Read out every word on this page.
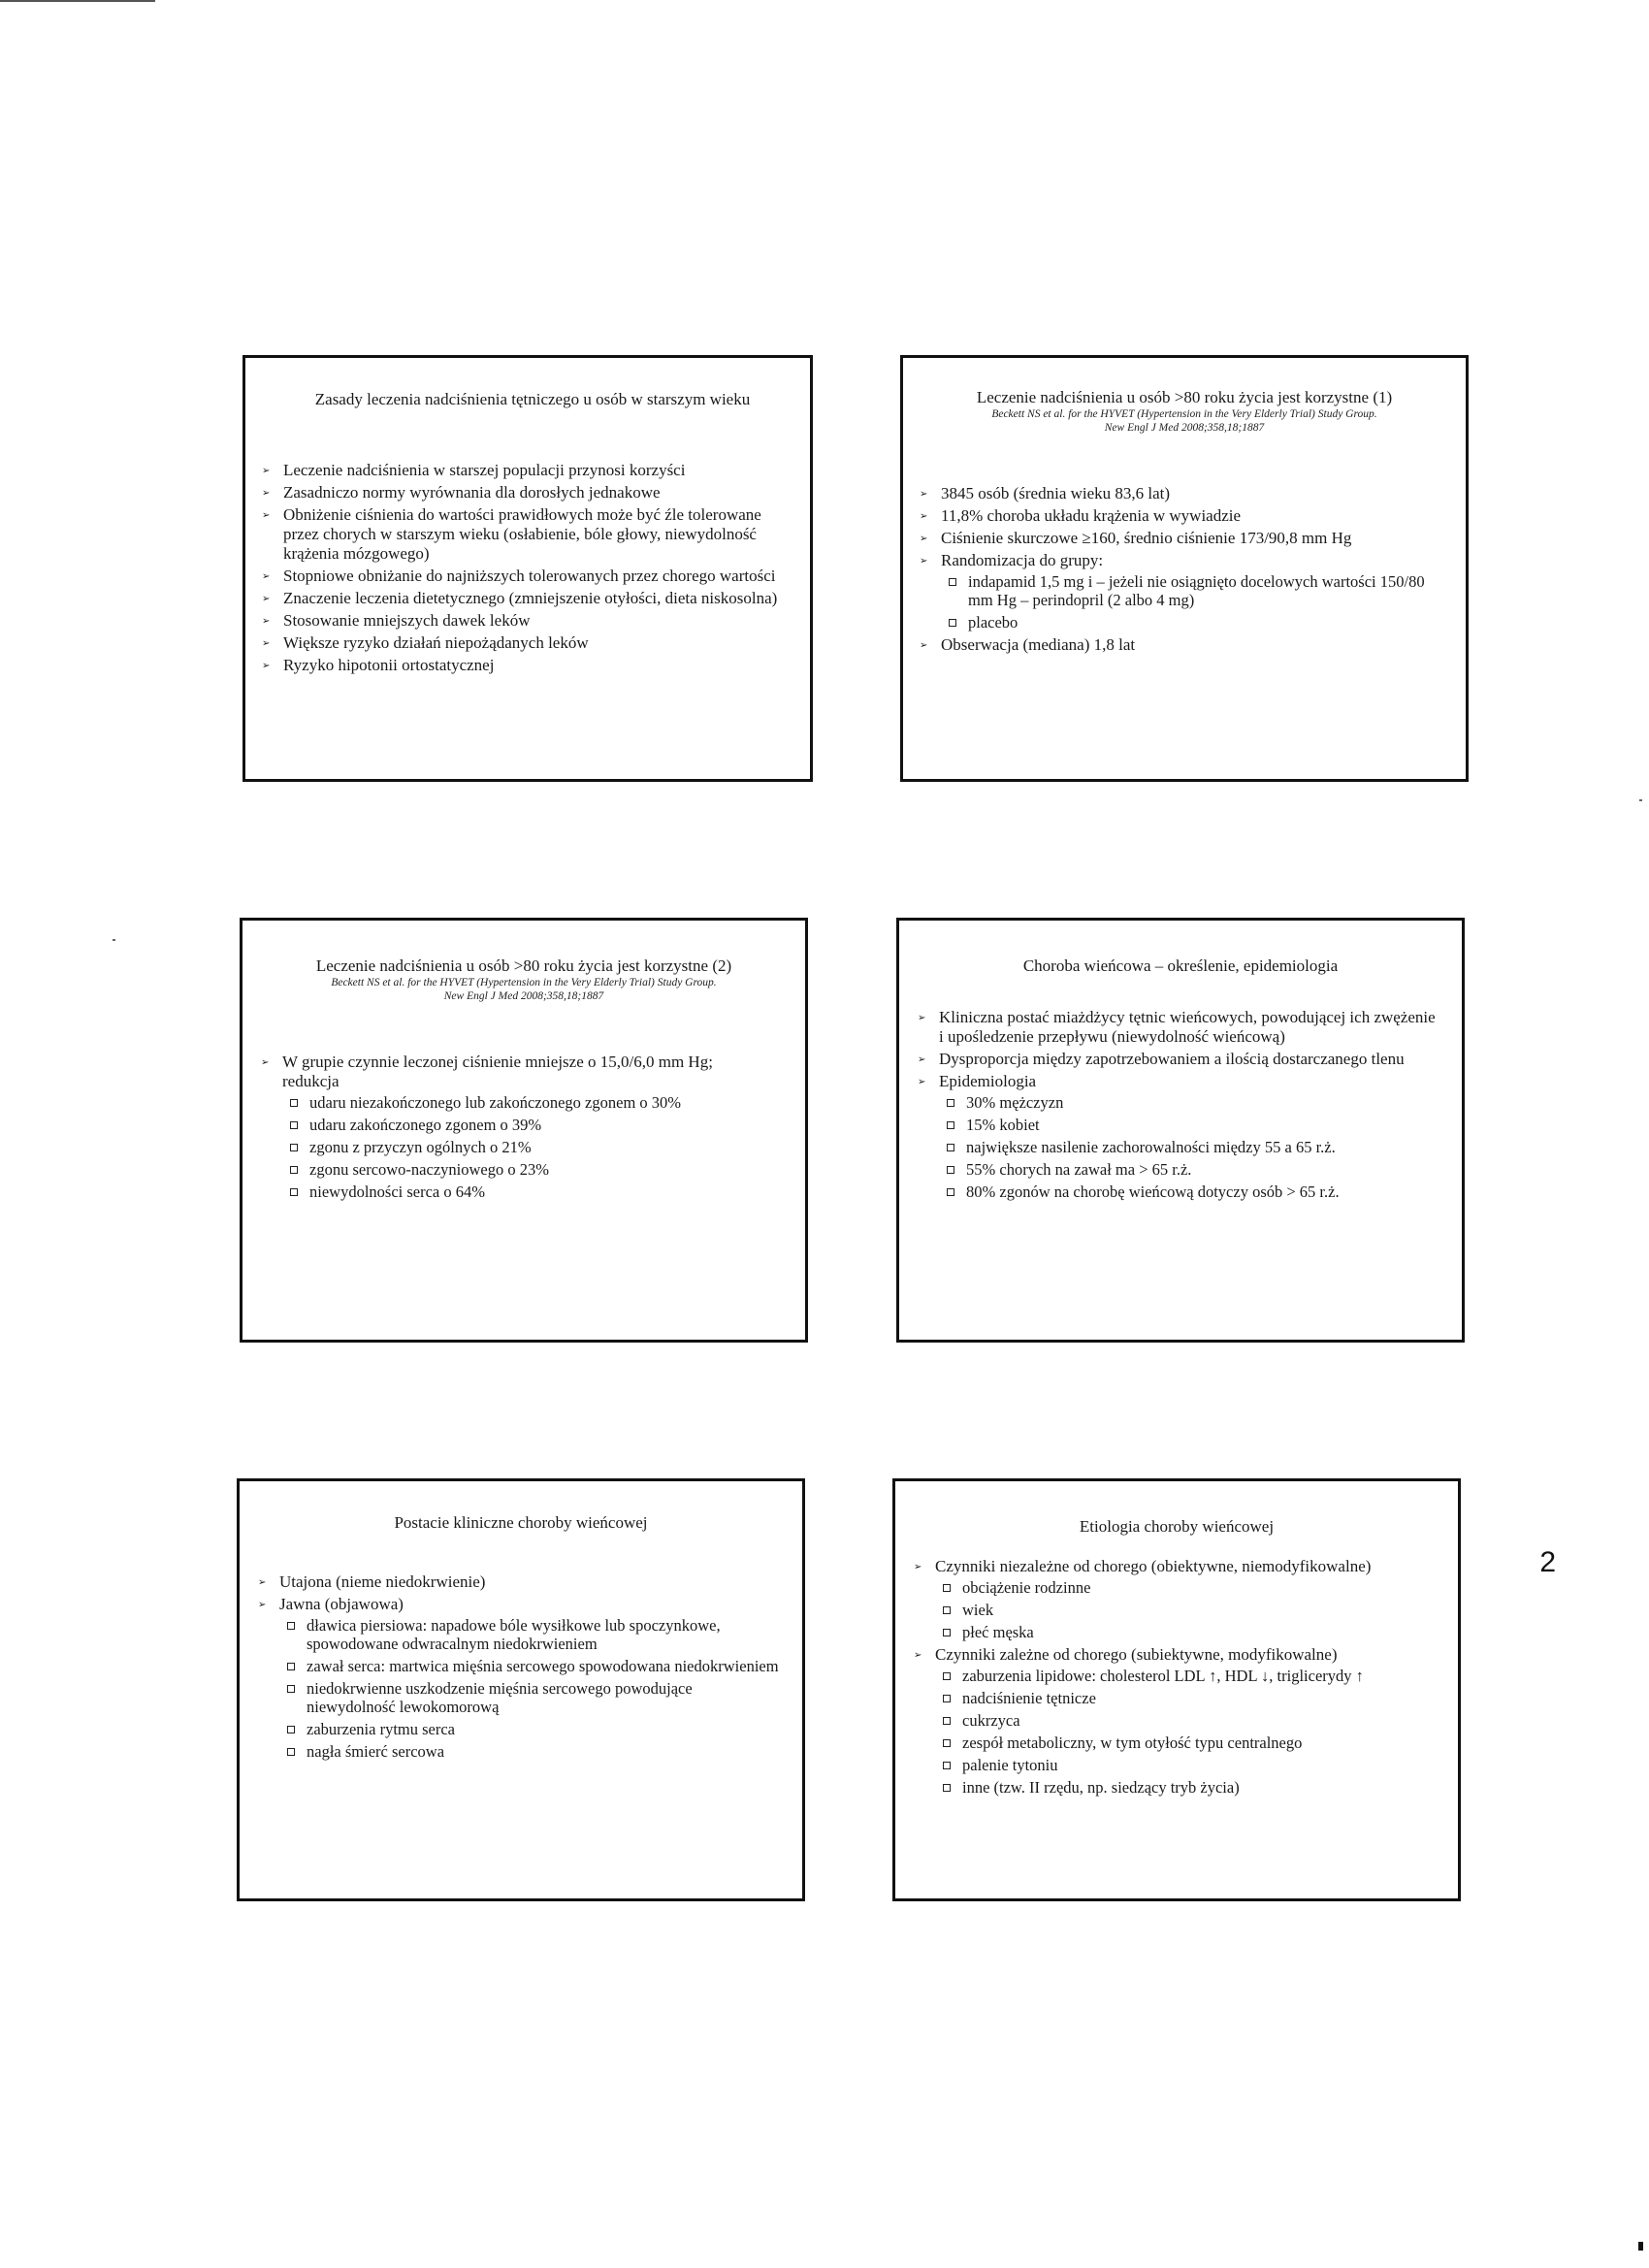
Zasady leczenia nadciśnienia tętniczego u osób w starszym wieku
➢ Leczenie nadciśnienia w starszej populacji przynosi korzyści
➢ Zasadniczo normy wyrównania dla dorosłych jednakowe
➢ Obniżenie ciśnienia do wartości prawidłowych może być źle tolerowane przez chorych w starszym wieku (osłabienie, bóle głowy, niewydolność krążenia mózgowego)
➢ Stopniowe obniżanie do najniższych tolerowanych przez chorego wartości
➢ Znaczenie leczenia dietetycznego (zmniejszenie otyłości, dieta niskosolna)
➢ Stosowanie mniejszych dawek leków
➢ Większe ryzyko działań niepożądanych leków
➢ Ryzyko hipotonii ortostatycznej
Leczenie nadciśnienia u osób >80 roku życia jest korzystne (1)
Beckett NS et al. for the HYVET (Hypertension in the Very Elderly Trial) Study Group.
New Engl J Med 2008;358,18;1887
➢ 3845 osób (średnia wieku 83,6 lat)
➢ 11,8% choroba układu krążenia w wywiadzie
➢ Ciśnienie skurczowe ≥160, średnio ciśnienie 173/90,8 mm Hg
➢ Randomizacja do grupy:
indapamid 1,5 mg i – jeżeli nie osiągnięto docelowych wartości 150/80 mm Hg – perindopril (2 albo 4 mg)
placebo
➢ Obserwacja (mediana) 1,8 lat
Leczenie nadciśnienia u osób >80 roku życia jest korzystne (2)
Beckett NS et al. for the HYVET (Hypertension in the Very Elderly Trial) Study Group.
New Engl J Med 2008;358,18;1887
➢ W grupie czynnie leczonej ciśnienie mniejsze o 15,0/6,0 mm Hg; redukcja
udaru niezakończonego lub zakończonego zgonem o 30%
udaru zakończonego zgonem o 39%
zgonu z przyczyn ogólnych o 21%
zgonu sercowo-naczyniowego o 23%
niewydolności serca o 64%
Choroba wieńcowa – określenie, epidemiologia
➢ Kliniczna postać miażdżycy tętnic wieńcowych, powodującej ich zwężenie i upośledzenie przepływu (niewydolność wieńcową)
➢ Dysproporcja między zapotrzebowaniem a ilością dostarczanego tlenu
➢ Epidemiologia
30% mężczyzn
15% kobiet
największe nasilenie zachorowalności między 55 a 65 r.ż.
55% chorych na zawał ma > 65 r.ż.
80% zgonów na chorobę wieńcową dotyczy osób > 65 r.ż.
Postacie kliniczne choroby wieńcowej
➢ Utajona (nieme niedokrwienie)
➢ Jawna (objawowa)
dławica piersiowa: napadowe bóle wysiłkowe lub spoczynkowe, spowodowane odwracalnym niedokrwieniem
zawał serca: martwica mięśnia sercowego spowodowana niedokrwieniem
niedokrwienne uszkodzenie mięśnia sercowego powodujące niewydolność lewokomorową
zaburzenia rytmu serca
nagła śmierć sercowa
Etiologia choroby wieńcowej
➢ Czynniki niezależne od chorego (obiektywne, niemodyfikowalne)
obciążenie rodzinne
wiek
płeć męska
➢ Czynniki zależne od chorego (subiektywne, modyfikowalne)
zaburzenia lipidowe: cholesterol LDL ↑, HDL ↓, triglicerydy ↑
nadciśnienie tętnicze
cukrzyca
zespół metaboliczny, w tym otyłość typu centralnego
palenie tytoniu
inne (tzw. II rzędu, np. siedzący tryb życia)
2
